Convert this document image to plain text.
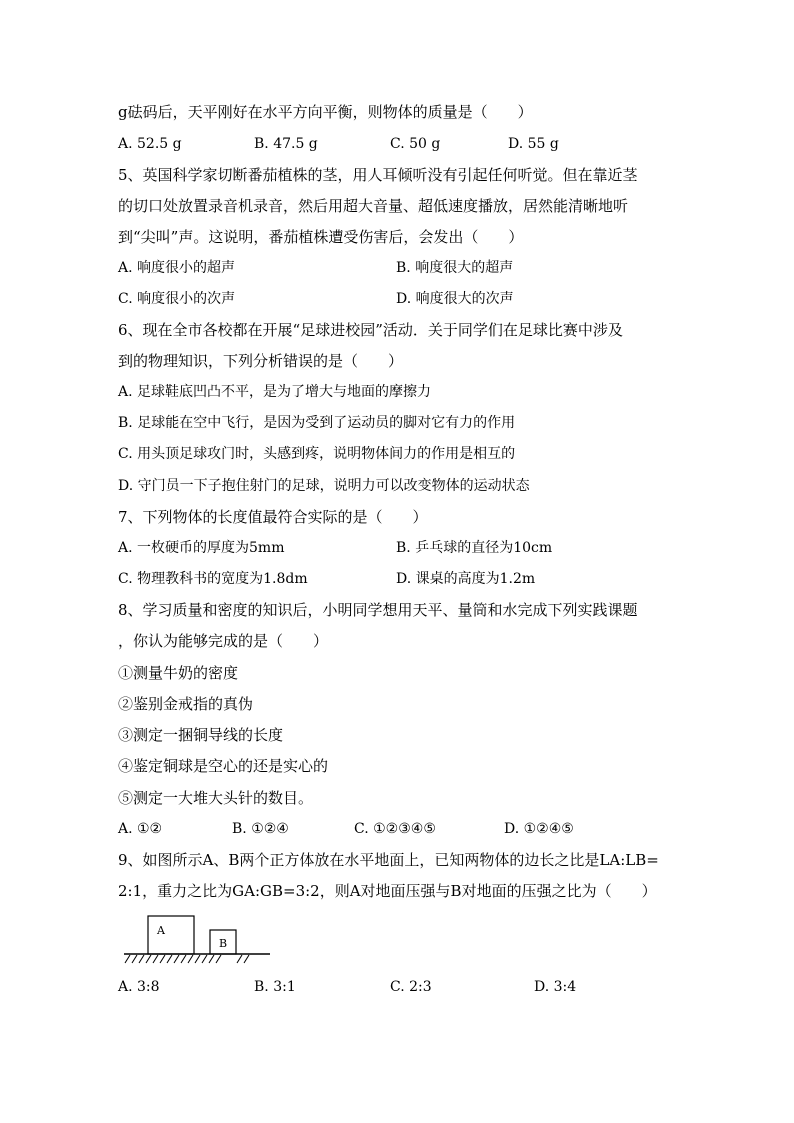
g砝码后，天平刚好在水平方向平衡，则物体的质量是（　　）
A. 52.5 g	B. 47.5 g	C. 50 g	D. 55 g
5、英国科学家切断番茄植株的茎，用人耳倾听没有引起任何听觉。但在靠近茎
的切口处放置录音机录音，然后用超大音量、超低速度播放，居然能清晰地听
到“尖叫”声。这说明，番茄植株遭受伤害后，会发出（　　）
A. 响度很小的超声	B. 响度很大的超声
C. 响度很小的次声	D. 响度很大的次声
6、现在全市各校都在开展“足球进校园”活动．关于同学们在足球比赛中涉及
到的物理知识，下列分析错误的是（　　）
A. 足球鞋底凹凸不平，是为了增大与地面的摩擦力
B. 足球能在空中飞行，是因为受到了运动员的脚对它有力的作用
C. 用头顶足球攻门时，头感到疼，说明物体间力的作用是相互的
D. 守门员一下子抱住射门的足球，说明力可以改变物体的运动状态
7、下列物体的长度值最符合实际的是（　　）
A. 一枚硬币的厚度为5mm	B. 乒乓球的直径为10cm
C. 物理教科书的宽度为1.8dm	D. 课桌的高度为1.2m
8、学习质量和密度的知识后，小明同学想用天平、量筒和水完成下列实践课题
，你认为能够完成的是（　　）
①测量牛奶的密度
②鉴别金戒指的真伪
③测定一捆铜导线的长度
④鉴定铜球是空心的还是实心的
⑤测定一大堆大头针的数目。
A. ①②	B. ①②④	C. ①②③④⑤	D. ①②④⑤
9、如图所示A、B两个正方体放在水平地面上，已知两物体的边长之比是LA:LB=
2:1，重力之比为GA:GB=3:2，则A对地面压强与B对地面的压强之比为（　　）
A
B
A. 3:8	B. 3:1	C. 2:3	D. 3:4
